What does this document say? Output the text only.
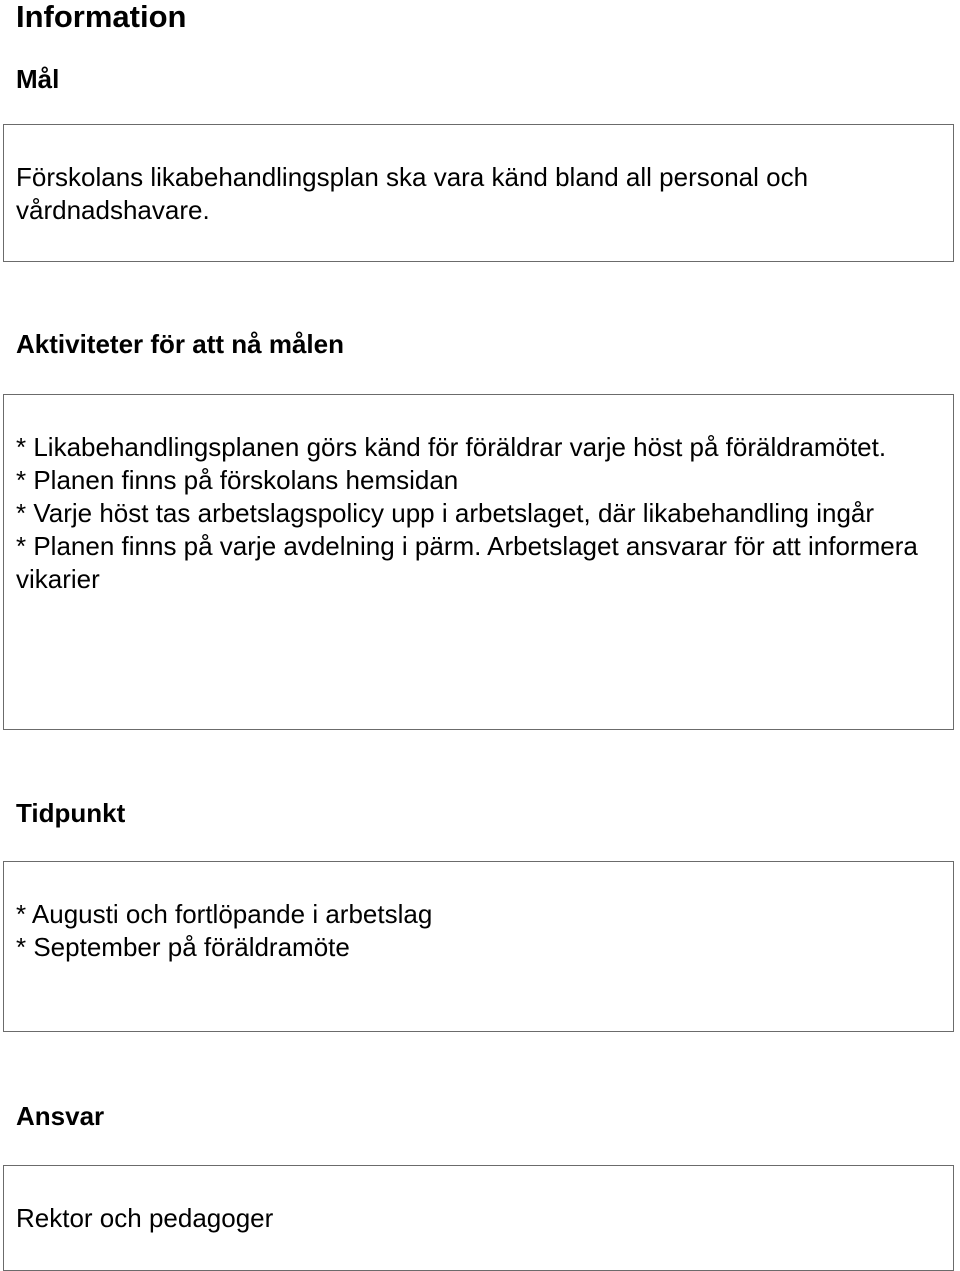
Information
Mål

Förskolans likabehandlingsplan ska vara känd bland all personal och vårdnadshavare.

Aktiviteter för att nå målen

* Likabehandlingsplanen görs känd för föräldrar varje höst på föräldramötet.
* Planen finns på förskolans hemsidan
* Varje höst tas arbetslagspolicy upp i arbetslaget, där likabehandling ingår
* Planen finns på varje avdelning i pärm. Arbetslaget ansvarar för att informera vikarier

Tidpunkt

* Augusti och fortlöpande i arbetslag
* September på föräldramöte

Ansvar

Rektor och pedagoger
